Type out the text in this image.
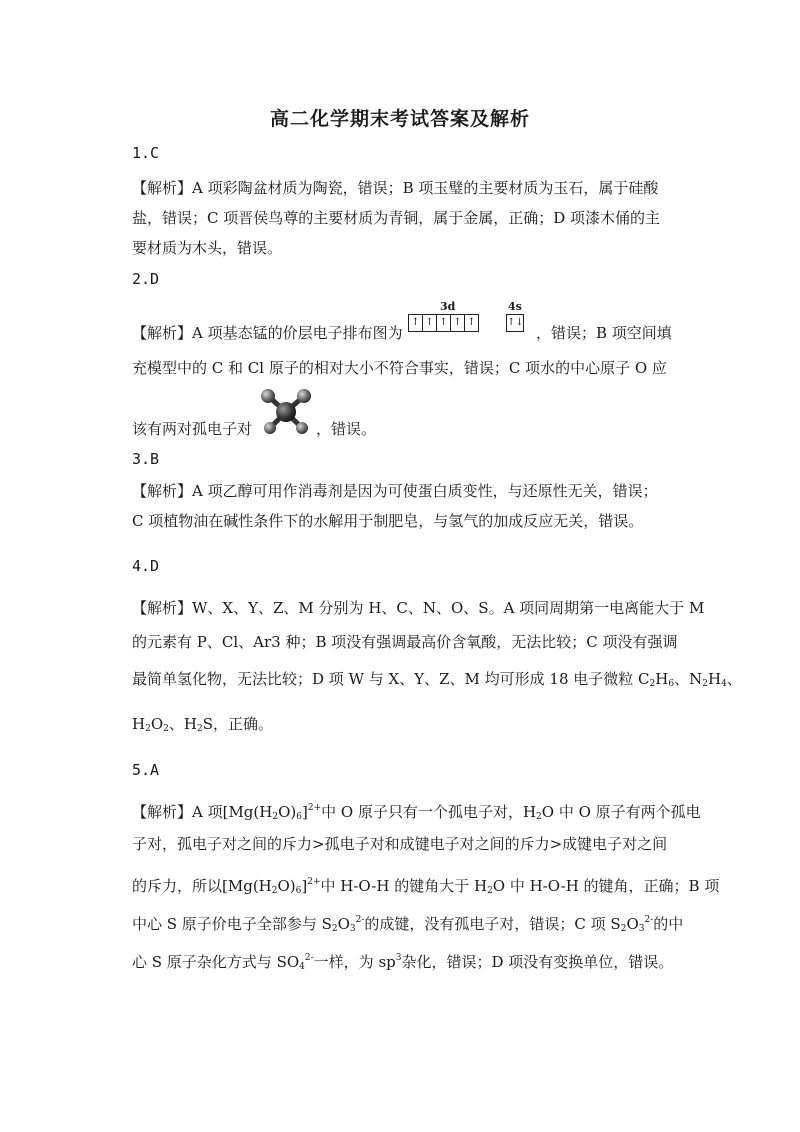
高二化学期末考试答案及解析
1.C
【解析】A 项彩陶盆材质为陶瓷，错误；B 项玉璧的主要材质为玉石，属于硅酸
盐，错误；C 项晋侯鸟尊的主要材质为青铜，属于金属，正确；D 项漆木俑的主
要材质为木头，错误。
2.D
【解析】A 项基态锰的价层电子排布图为
3d	4s
↑ ↑ ↑ ↑ ↑	↑↓
，错误；B 项空间填
充模型中的 C 和 Cl 原子的相对大小不符合事实，错误；C 项水的中心原子 O 应
该有两对孤电子对	，错误。
3.B
【解析】A 项乙醇可用作消毒剂是因为可使蛋白质变性，与还原性无关，错误；
C 项植物油在碱性条件下的水解用于制肥皂，与氢气的加成反应无关，错误。
4.D
【解析】W、X、Y、Z、M 分别为 H、C、N、O、S。A 项同周期第一电离能大于 M
的元素有 P、Cl、Ar3 种；B 项没有强调最高价含氧酸，无法比较；C 项没有强调
最简单氢化物，无法比较；D 项 W 与 X、Y、Z、M 均可形成 18 电子微粒 $C_2H_6$、$N_2H_4$、
$H_2O_2$、$H_2S$，正确。
5.A
【解析】A 项$[Mg(H_2O)_6]^{2+}$中 O 原子只有一个孤电子对，$H_2O$ 中 O 原子有两个孤电
子对，孤电子对之间的斥力>孤电子对和成键电子对之间的斥力>成键电子对之间
的斥力，所以$[Mg(H_2O)_6]^{2+}$中 H-O-H 的键角大于 $H_2O$ 中 H-O-H 的键角，正确；B 项
中心 S 原子价电子全部参与 $S_2O_3^{2-}$的成键，没有孤电子对，错误；C 项 $S_2O_3^{2-}$的中
心 S 原子杂化方式与 $SO_4^{2-}$一样，为 $sp^3$杂化，错误；D 项没有变换单位，错误。
